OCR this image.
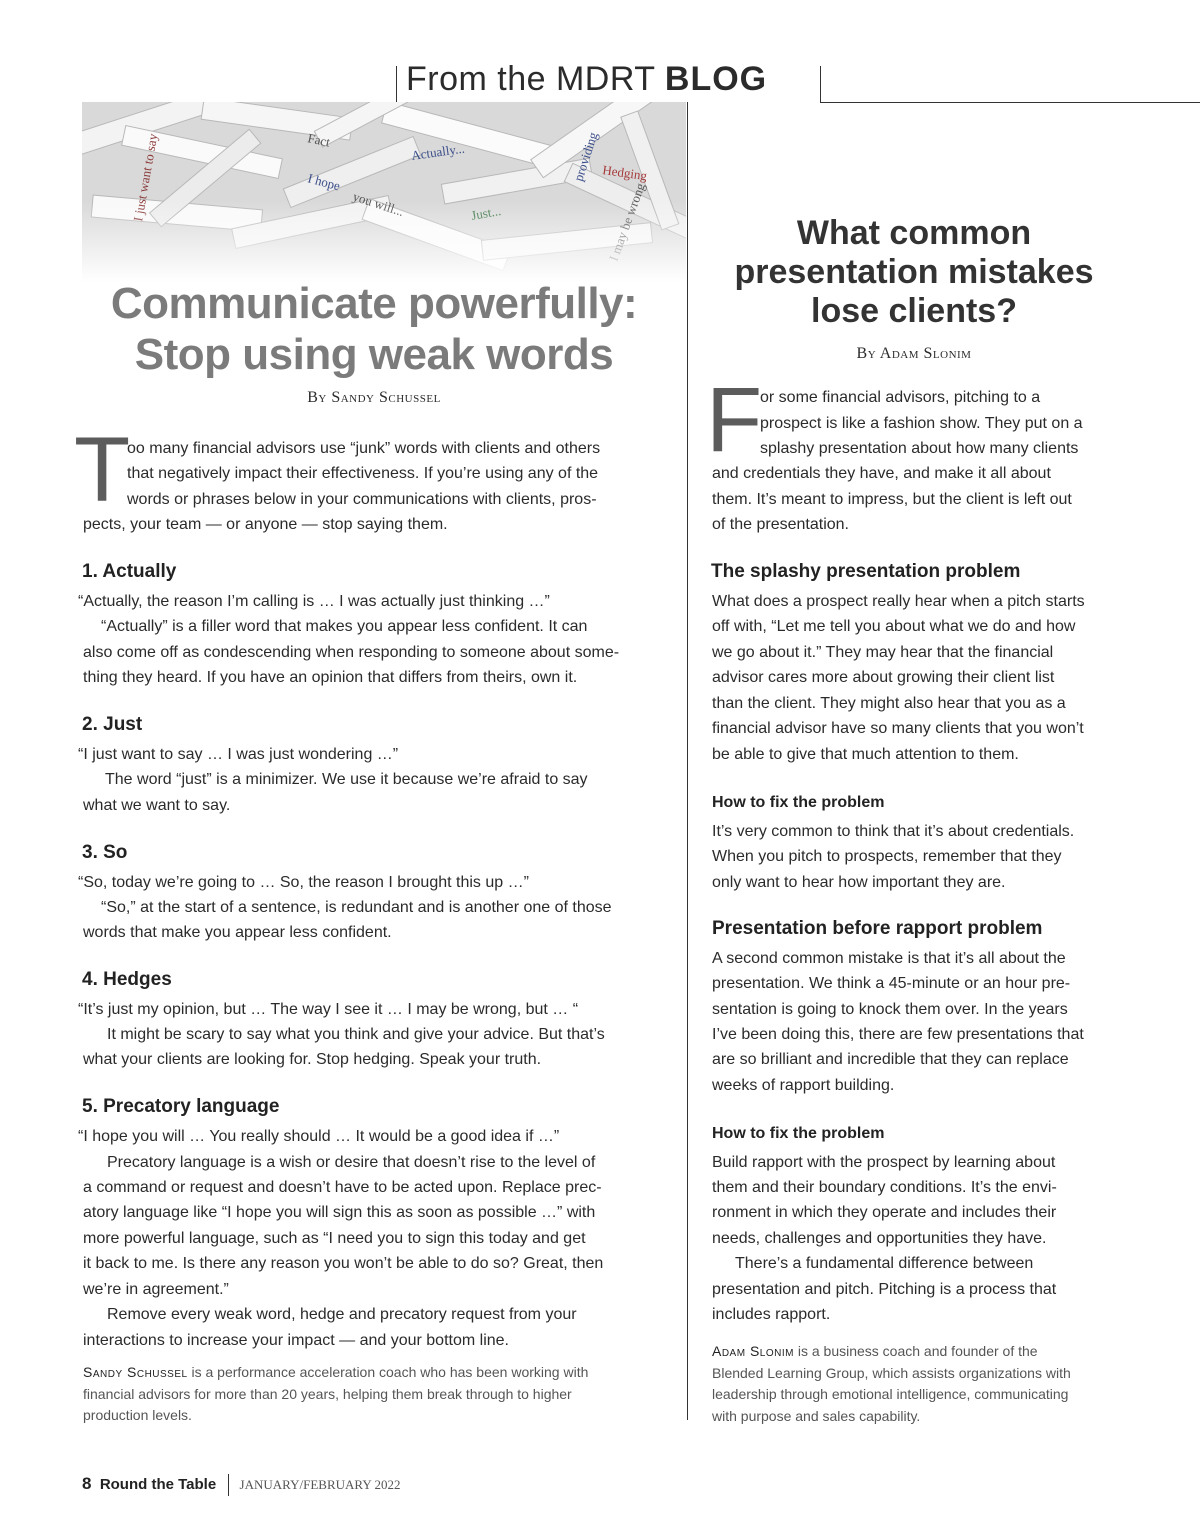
From the MDRT BLOG
Communicate powerfully:
Stop using weak words
By Sandy Schussel
T
oo many financial advisors use “junk” words with clients and others
that negatively impact their effectiveness. If you’re using any of the
words or phrases below in your communications with clients, pros-
pects, your team — or anyone — stop saying them.
1. Actually
“Actually, the reason I’m calling is … I was actually just thinking …”
“Actually” is a filler word that makes you appear less confident. It can
also come off as condescending when responding to someone about some-
thing they heard. If you have an opinion that differs from theirs, own it.
2. Just
“I just want to say … I was just wondering …”
The word “just” is a minimizer. We use it because we’re afraid to say
what we want to say.
3. So
“So, today we’re going to … So, the reason I brought this up …”
“So,” at the start of a sentence, is redundant and is another one of those
words that make you appear less confident.
4. Hedges
“It’s just my opinion, but … The way I see it … I may be wrong, but … “
It might be scary to say what you think and give your advice. But that’s
what your clients are looking for. Stop hedging. Speak your truth.
5. Precatory language
“I hope you will … You really should … It would be a good idea if …”
Precatory language is a wish or desire that doesn’t rise to the level of
a command or request and doesn’t have to be acted upon. Replace prec-
atory language like “I hope you will sign this as soon as possible …” with
more powerful language, such as “I need you to sign this today and get
it back to me. Is there any reason you won’t be able to do so? Great, then
we’re in agreement.”
Remove every weak word, hedge and precatory request from your
interactions to increase your impact — and your bottom line.
Sandy Schussel is a performance acceleration coach who has been working with
financial advisors for more than 20 years, helping them break through to higher
production levels.
What common
presentation mistakes
lose clients?
By Adam Slonim
F
or some financial advisors, pitching to a
prospect is like a fashion show. They put on a
splashy presentation about how many clients
and credentials they have, and make it all about
them. It’s meant to impress, but the client is left out
of the presentation.
The splashy presentation problem
What does a prospect really hear when a pitch starts
off with, “Let me tell you about what we do and how
we go about it.” They may hear that the financial
advisor cares more about growing their client list
than the client. They might also hear that you as a
financial advisor have so many clients that you won’t
be able to give that much attention to them.
How to fix the problem
It’s very common to think that it’s about credentials.
When you pitch to prospects, remember that they
only want to hear how important they are.
Presentation before rapport problem
A second common mistake is that it’s all about the
presentation. We think a 45-minute or an hour pre-
sentation is going to knock them over. In the years
I’ve been doing this, there are few presentations that
are so brilliant and incredible that they can replace
weeks of rapport building.
How to fix the problem
Build rapport with the prospect by learning about
them and their boundary conditions. It’s the envi-
ronment in which they operate and includes their
needs, challenges and opportunities they have.
There’s a fundamental difference between
presentation and pitch. Pitching is a process that
includes rapport.
Adam Slonim is a business coach and founder of the
Blended Learning Group, which assists organizations with
leadership through emotional intelligence, communicating
with purpose and sales capability.
8 Round the Table JANUARY/FEBRUARY 2022
